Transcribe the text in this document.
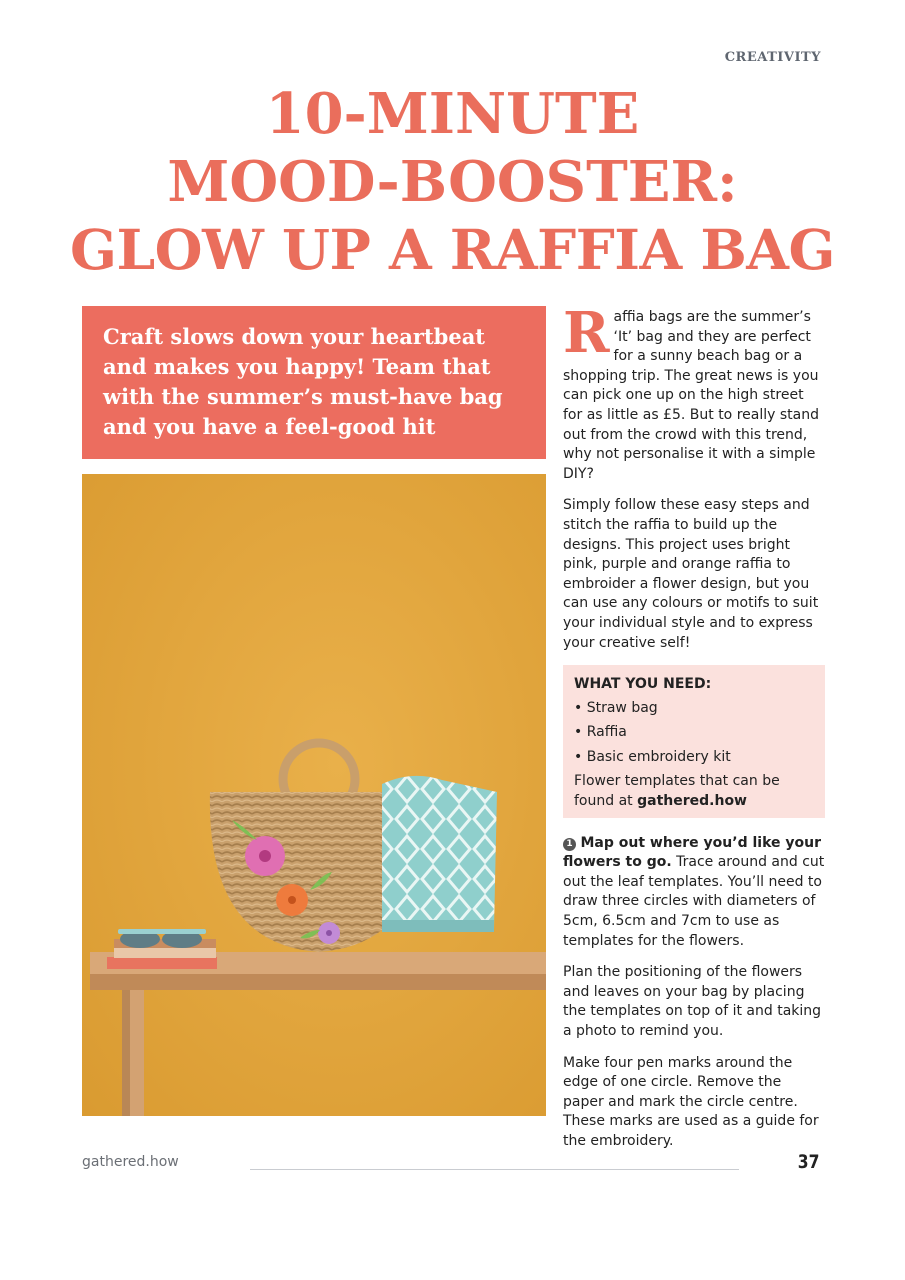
CREATIVITY
10-MINUTE
MOOD-BOOSTER:
GLOW UP A RAFFIA BAG
Craft slows down your heartbeat and makes you happy! Team that with the summer’s must-have bag and you have a feel-good hit

Raffia bags are the summer’s ‘It’ bag and they are perfect for a sunny beach bag or a shopping trip. The great news is you can pick one up on the high street for as little as £5. But to really stand out from the crowd with this trend, why not personalise it with a simple DIY?

Simply follow these easy steps and stitch the raffia to build up the designs. This project uses bright pink, purple and orange raffia to embroider a flower design, but you can use any colours or motifs to suit your individual style and to express your creative self!

WHAT YOU NEED:
• Straw bag
• Raffia
• Basic embroidery kit
Flower templates that can be found at gathered.how

1 Map out where you’d like your flowers to go. Trace around and cut out the leaf templates. You’ll need to draw three circles with diameters of 5cm, 6.5cm and 7cm to use as templates for the flowers.

Plan the positioning of the flowers and leaves on your bag by placing the templates on top of it and taking a photo to remind you.

Make four pen marks around the edge of one circle. Remove the paper and mark the circle centre. These marks are used as a guide for the embroidery.

gathered.how	37
